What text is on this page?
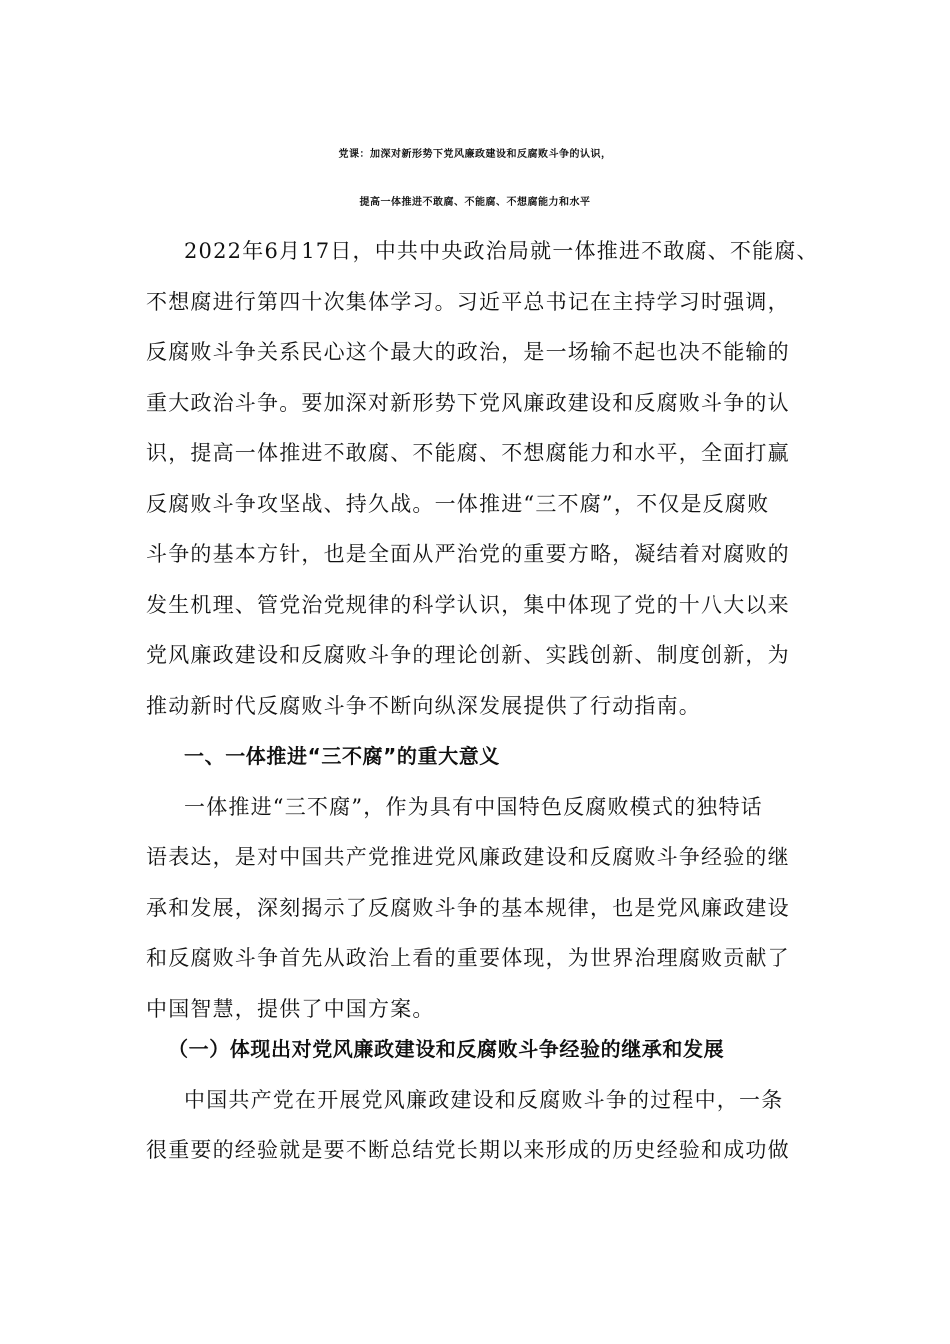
党课：加深对新形势下党风廉政建设和反腐败斗争的认识，
提高一体推进不敢腐、不能腐、不想腐能力和水平
2022年6月17日，中共中央政治局就一体推进不敢腐、不能腐、
不想腐进行第四十次集体学习。习近平总书记在主持学习时强调，
反腐败斗争关系民心这个最大的政治，是一场输不起也决不能输的
重大政治斗争。要加深对新形势下党风廉政建设和反腐败斗争的认
识，提高一体推进不敢腐、不能腐、不想腐能力和水平，全面打赢
反腐败斗争攻坚战、持久战。一体推进“三不腐”，不仅是反腐败
斗争的基本方针，也是全面从严治党的重要方略，凝结着对腐败的
发生机理、管党治党规律的科学认识，集中体现了党的十八大以来
党风廉政建设和反腐败斗争的理论创新、实践创新、制度创新，为
推动新时代反腐败斗争不断向纵深发展提供了行动指南。
一、一体推进“三不腐”的重大意义
一体推进“三不腐”，作为具有中国特色反腐败模式的独特话
语表达，是对中国共产党推进党风廉政建设和反腐败斗争经验的继
承和发展，深刻揭示了反腐败斗争的基本规律，也是党风廉政建设
和反腐败斗争首先从政治上看的重要体现，为世界治理腐败贡献了
中国智慧，提供了中国方案。
（一）体现出对党风廉政建设和反腐败斗争经验的继承和发展
中国共产党在开展党风廉政建设和反腐败斗争的过程中，一条
很重要的经验就是要不断总结党长期以来形成的历史经验和成功做
